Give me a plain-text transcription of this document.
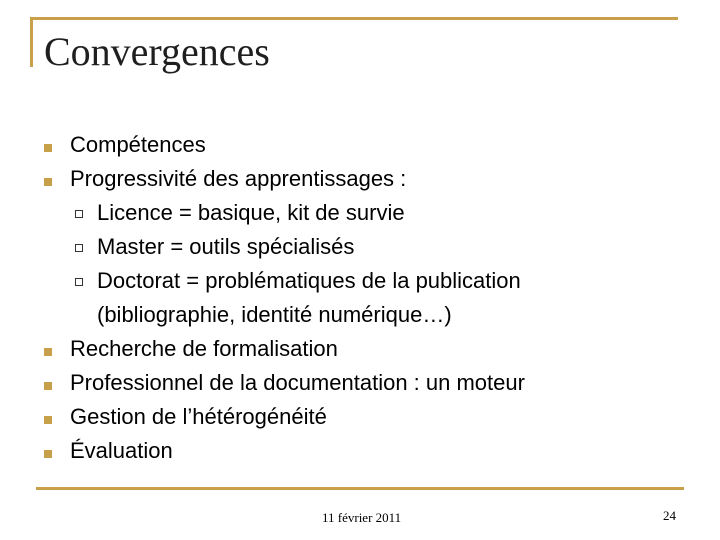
Convergences
Compétences
Progressivité des apprentissages :
Licence = basique, kit de survie
Master = outils spécialisés
Doctorat = problématiques de la publication
(bibliographie, identité numérique…)
Recherche de formalisation
Professionnel de la documentation : un moteur
Gestion de l’hétérogénéité
Évaluation
11 février 2011	24
